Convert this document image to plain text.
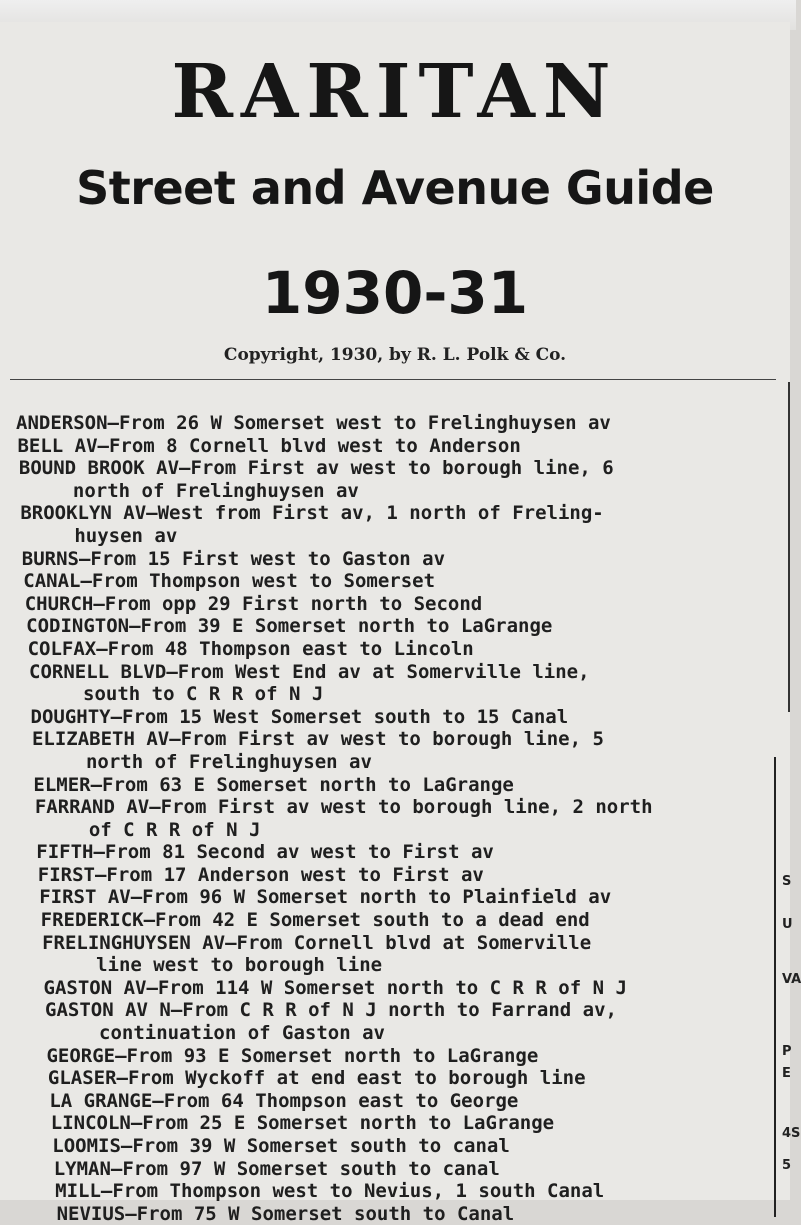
RARITAN
Street and Avenue Guide
1930-31
Copyright, 1930, by R. L. Polk & Co.
ANDERSON—From 26 W Somerset west to Frelinghuysen av
BELL AV—From 8 Cornell blvd west to Anderson
BOUND BROOK AV—From First av west to borough line, 6
north of Frelinghuysen av
BROOKLYN AV—West from First av, 1 north of Freling-
huysen av
BURNS—From 15 First west to Gaston av
CANAL—From Thompson west to Somerset
CHURCH—From opp 29 First north to Second
CODINGTON—From 39 E Somerset north to LaGrange
COLFAX—From 48 Thompson east to Lincoln
CORNELL BLVD—From West End av at Somerville line,
south to C R R of N J
DOUGHTY—From 15 West Somerset south to 15 Canal
ELIZABETH AV—From First av west to borough line, 5
north of Frelinghuysen av
ELMER—From 63 E Somerset north to LaGrange
FARRAND AV—From First av west to borough line, 2 north
of C R R of N J
FIFTH—From 81 Second av west to First av
FIRST—From 17 Anderson west to First av
FIRST AV—From 96 W Somerset north to Plainfield av
FREDERICK—From 42 E Somerset south to a dead end
FRELINGHUYSEN AV—From Cornell blvd at Somerville
line west to borough line
GASTON AV—From 114 W Somerset north to C R R of N J
GASTON AV N—From C R R of N J north to Farrand av,
continuation of Gaston av
GEORGE—From 93 E Somerset north to LaGrange
GLASER—From Wyckoff at end east to borough line
LA GRANGE—From 64 Thompson east to George
LINCOLN—From 25 E Somerset north to LaGrange
LOOMIS—From 39 W Somerset south to canal
LYMAN—From 97 W Somerset south to canal
MILL—From Thompson west to Nevius, 1 south Canal
NEVIUS—From 75 W Somerset south to Canal
S
U
VA
P
E
4S
5
